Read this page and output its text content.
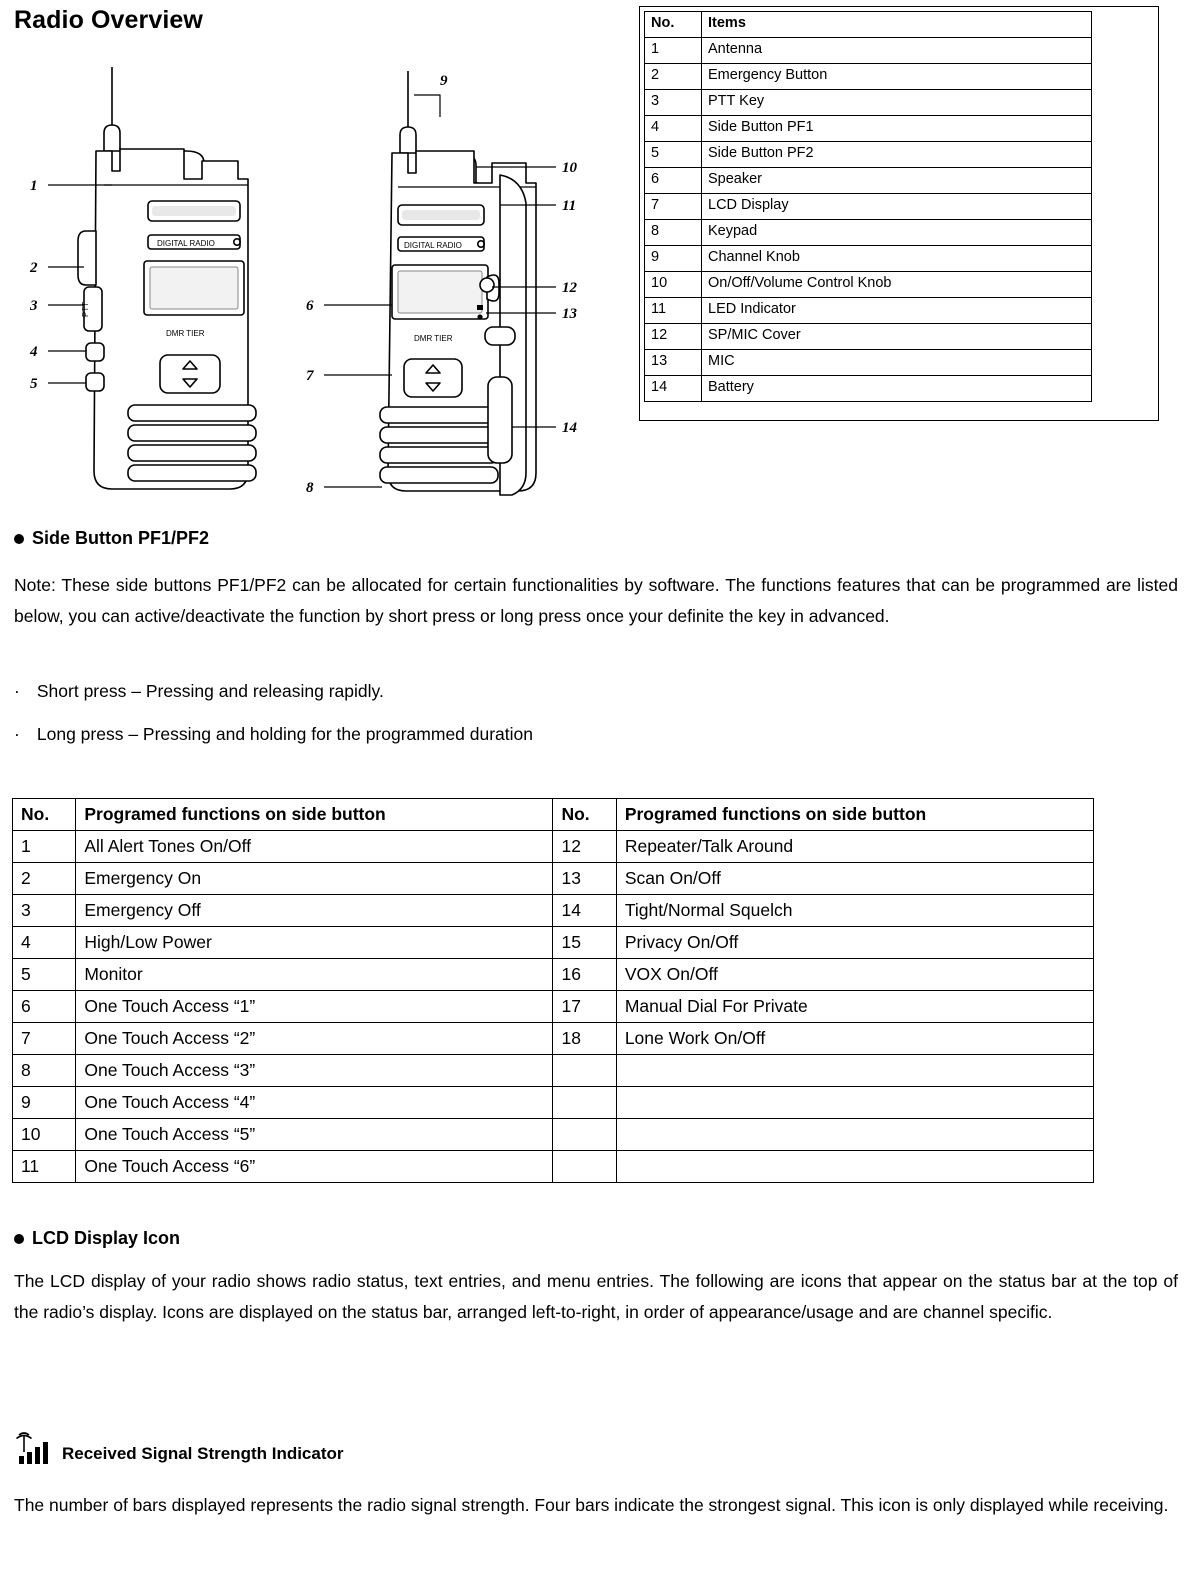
Radio Overview	No.	Items
1	Antenna
2	Emergency Button
3	PTT Key
4	Side Button PF1
5	Side Button PF2
6	Speaker
7	LCD Display
8	Keypad
9	Channel Knob
10	On/Off/Volume Control Knob
11	LED Indicator
12	SP/MIC Cover
13	MIC
14	Battery
DIGITAL RADIO
DMR TIER
PTT
1
2
3
4
5
DIGITAL RADIO
DMR TIER
9
10
11
12
13
14
6
7
8
Side Button PF1/PF2
Note: These side buttons PF1/PF2 can be allocated for certain functionalities by software. The functions features that can be programmed are listed below, you can active/deactivate the function by short press or long press once your definite the key in advanced.
· Short press – Pressing and releasing rapidly.
· Long press – Pressing and holding for the programmed duration
No.	Programed functions on side button	No.	Programed functions on side button
1	All Alert Tones On/Off	12	Repeater/Talk Around
2	Emergency On	13	Scan On/Off
3	Emergency Off	14	Tight/Normal Squelch
4	High/Low Power	15	Privacy On/Off
5	Monitor	16	VOX On/Off
6	One Touch Access “1”	17	Manual Dial For Private
7	One Touch Access “2”	18	Lone Work On/Off
8	One Touch Access “3”		
9	One Touch Access “4”		
10	One Touch Access “5”		
11	One Touch Access “6”		
LCD Display Icon
The LCD display of your radio shows radio status, text entries, and menu entries. The following are icons that appear on the status bar at the top of the radio’s display. Icons are displayed on the status bar, arranged left-to-right, in order of appearance/usage and are channel specific.
Received Signal Strength Indicator
The number of bars displayed represents the radio signal strength. Four bars indicate the strongest signal. This icon is only displayed while receiving.
